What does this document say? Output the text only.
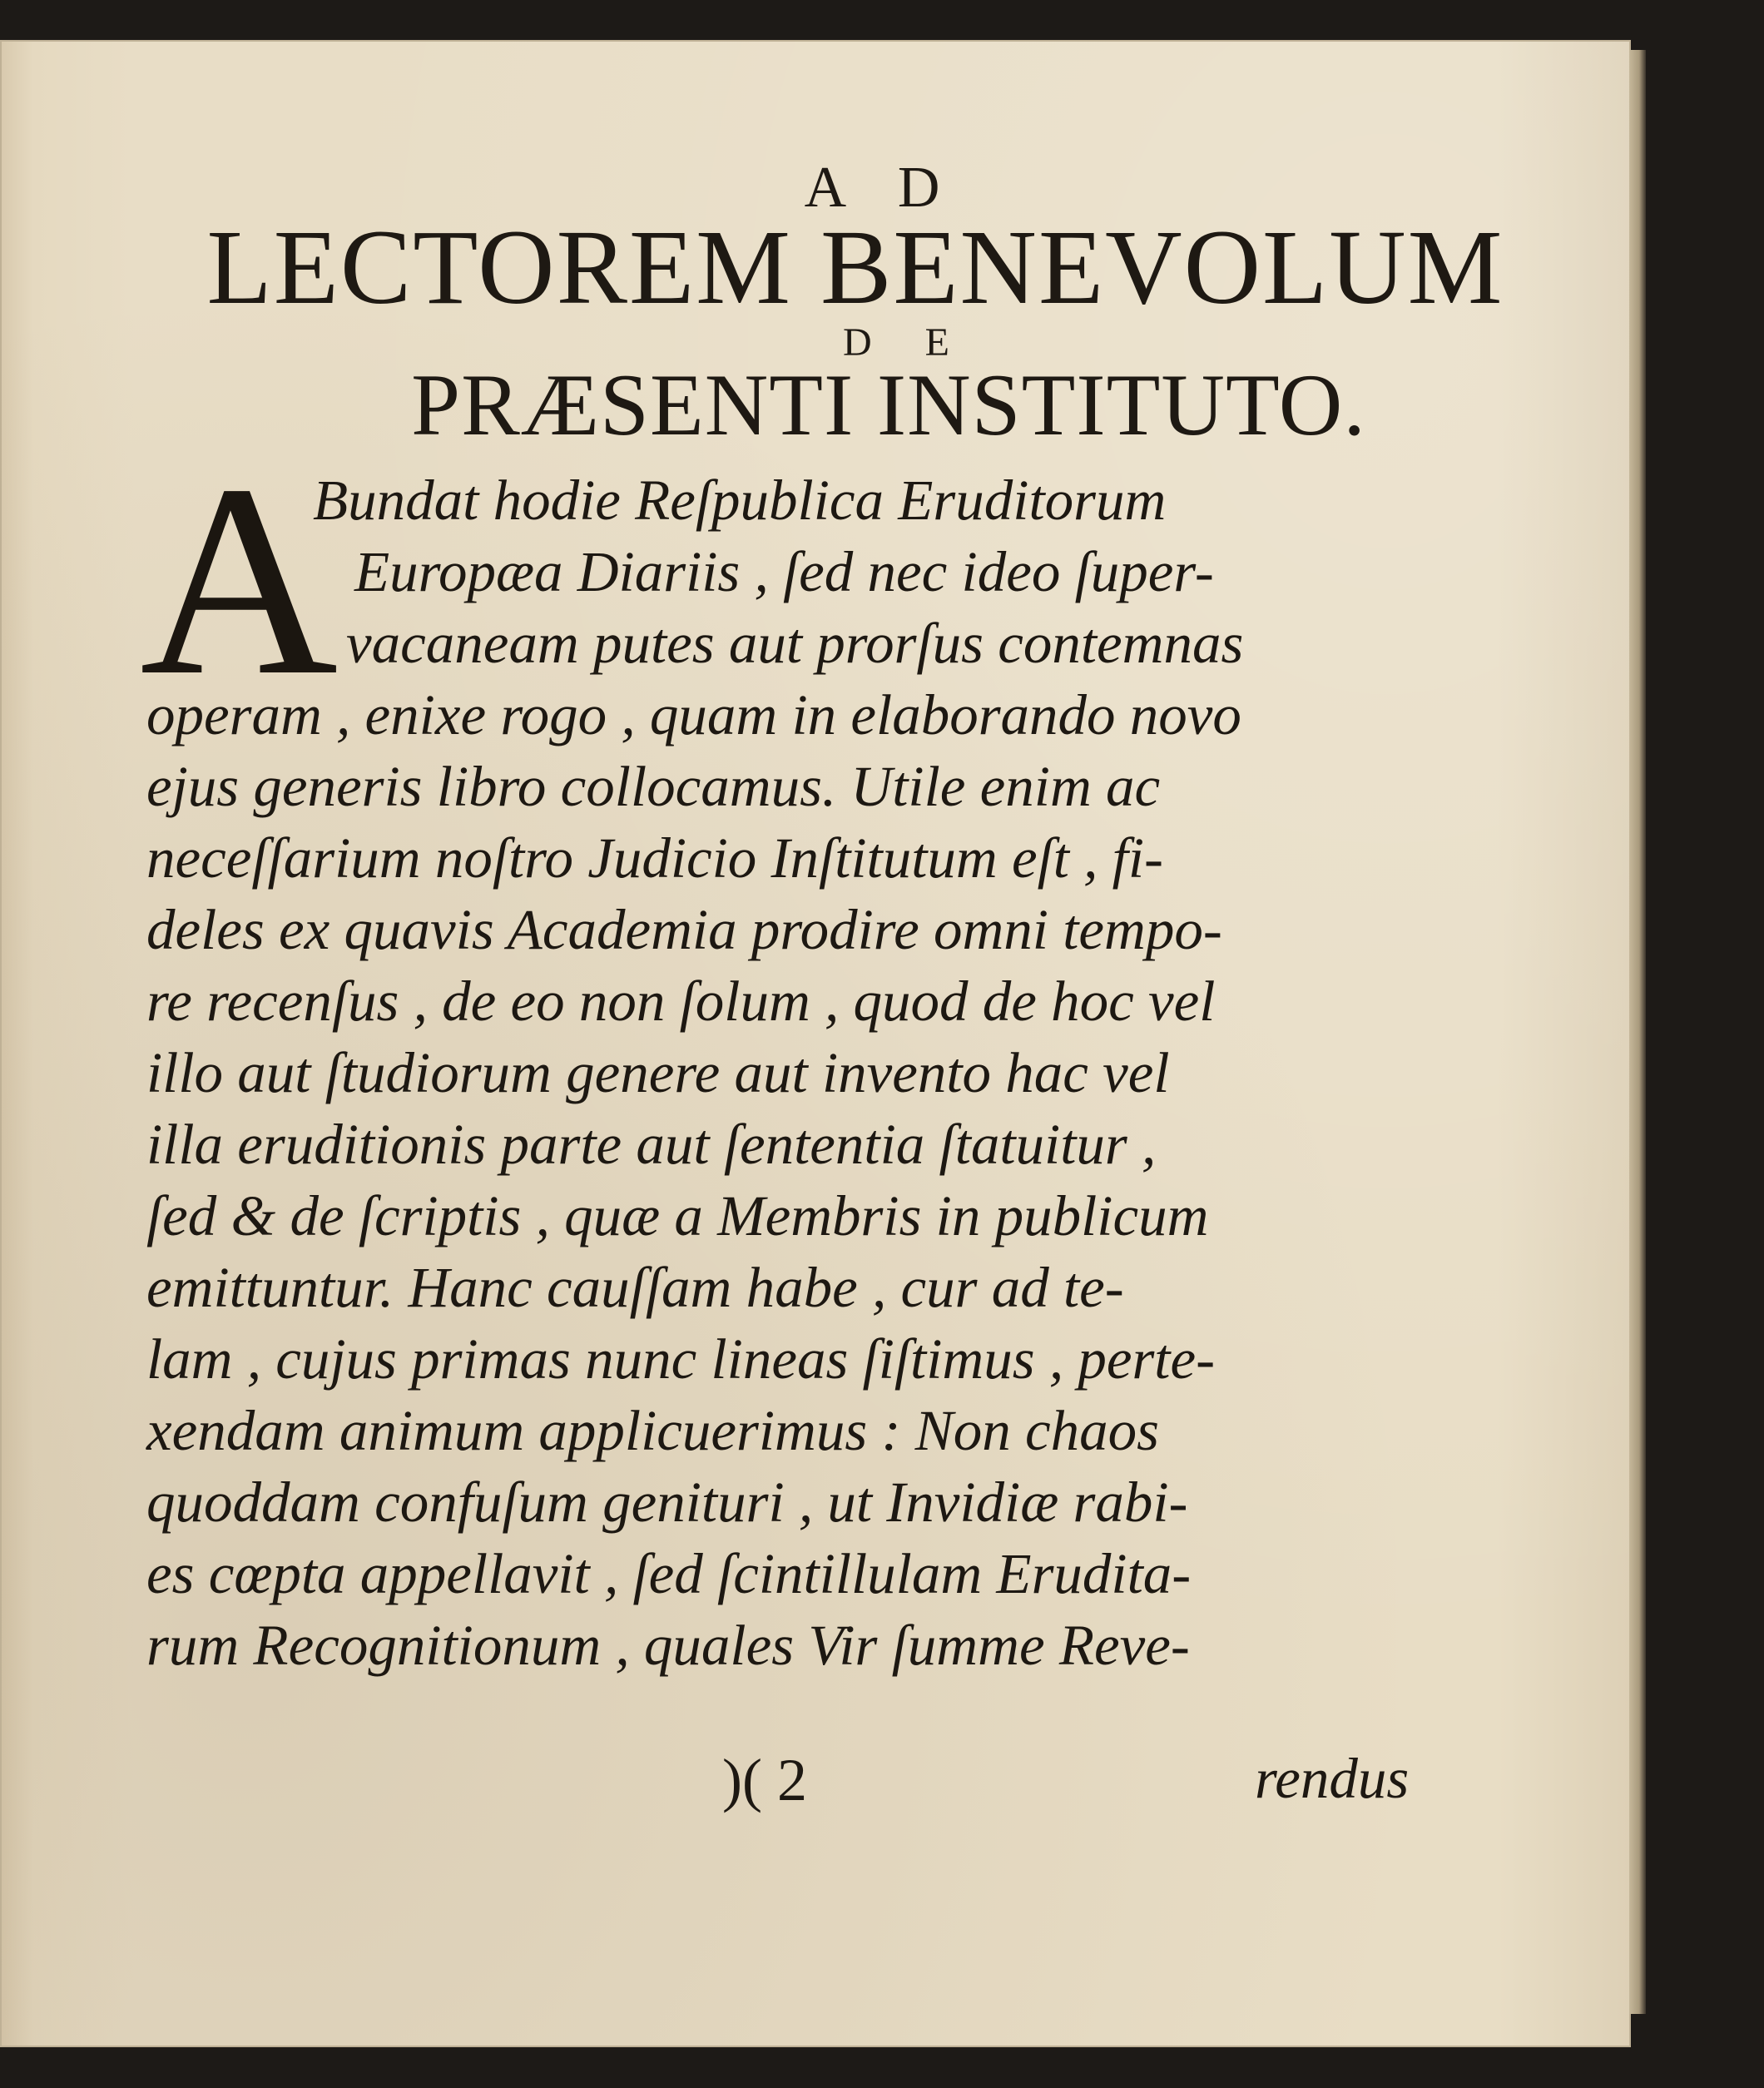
A D
LECTOREM BENEVOLUM
D E
PRÆSENTI INSTITUTO.
A
Bundat hodie Reſpublica Eruditorum
Europæa Diariis , ſed nec ideo ſuper-
vacaneam putes aut prorſus contemnas
operam , enixe rogo , quam in elaborando novo
ejus generis libro collocamus. Utile enim ac
neceſſarium noſtro Judicio Inſtitutum eſt , fi-
deles ex quavis Academia prodire omni tempo-
re recenſus , de eo non ſolum , quod de hoc vel
illo aut ſtudiorum genere aut invento hac vel
illa eruditionis parte aut ſententia ſtatuitur ,
ſed & de ſcriptis , quæ a Membris in publicum
emittuntur. Hanc cauſſam habe , cur ad te-
lam , cujus primas nunc lineas ſiſtimus , perte-
xendam animum applicuerimus : Non chaos
quoddam confuſum genituri , ut Invidiæ rabi-
es cœpta appellavit , ſed ſcintillulam Erudita-
rum Recognitionum , quales Vir ſumme Reve-
)( 2	rendus
